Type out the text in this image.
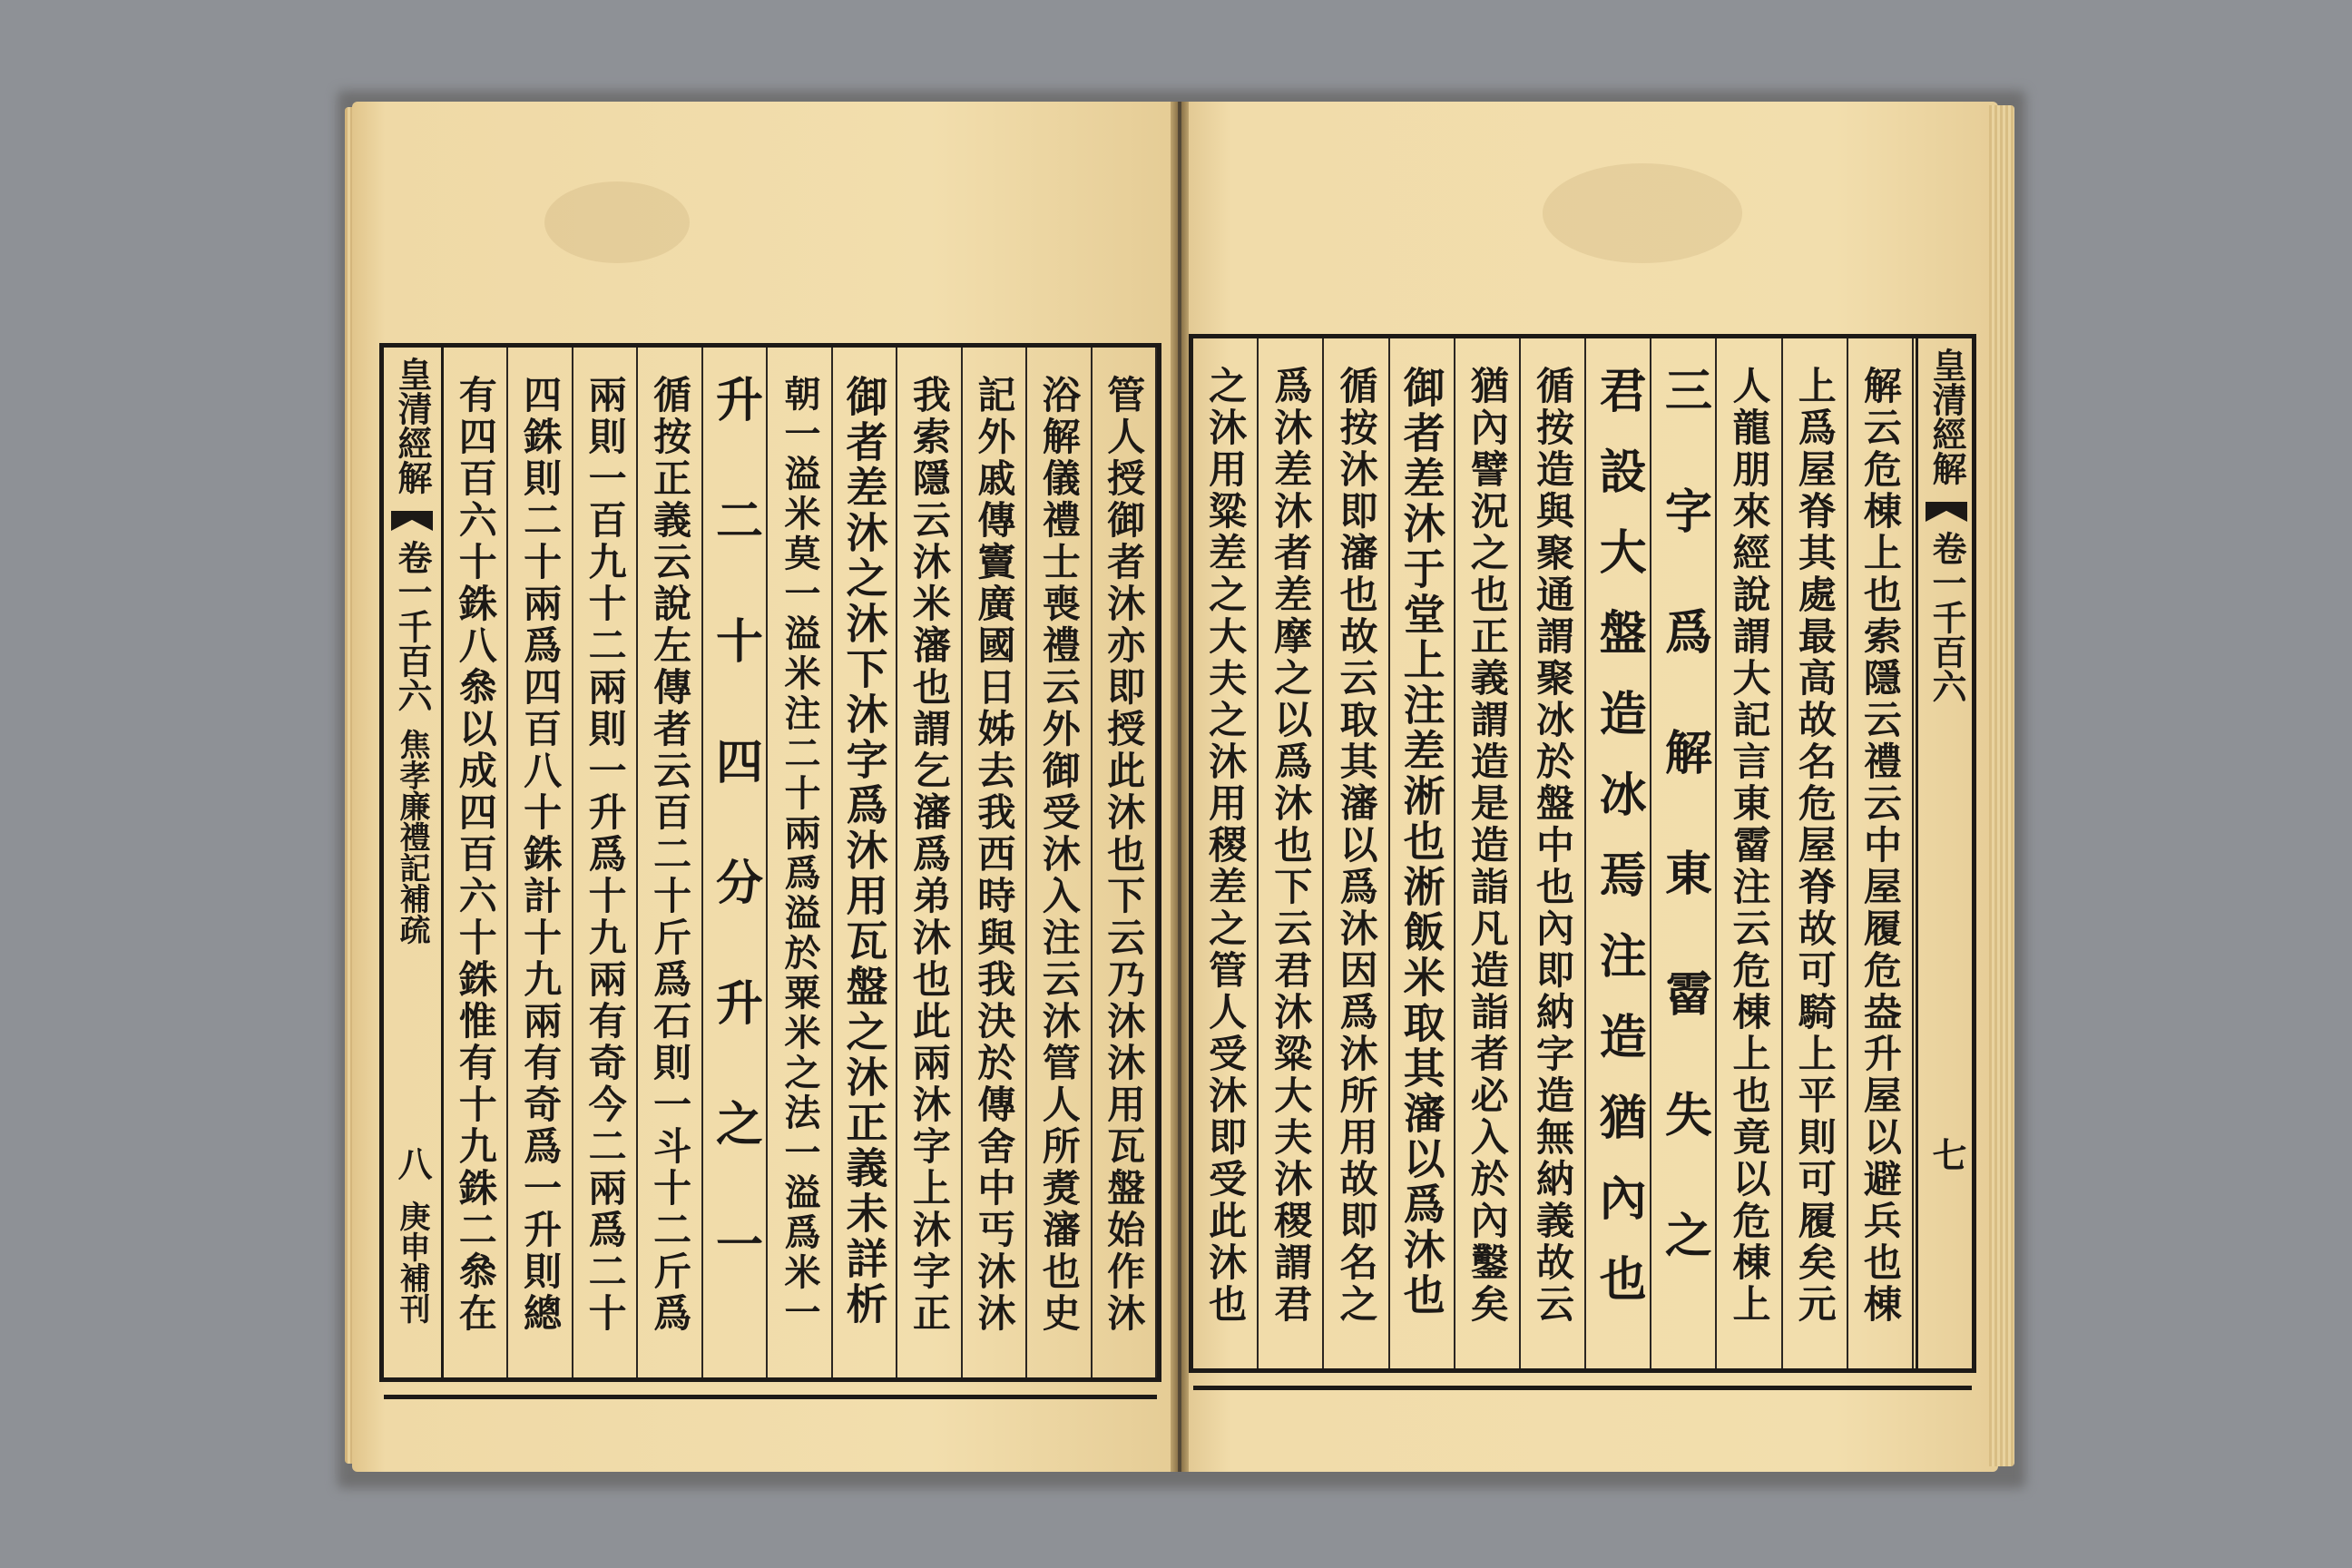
皇清經解
卷一千百六
焦孝廉禮記補疏
八
庚申補刊	管人授御者沐亦即授此沐也下云乃沐沐用瓦盤始作沐
浴解儀禮士喪禮云外御受沐入注云沐管人所煑瀋也史
記外戚傳竇廣國日姊去我西時與我決於傳舍中丐沐沐
我索隱云沐米瀋也謂乞瀋爲弟沐也此兩沐字上沐字正
御者差沐之沐下沐字爲沐用瓦盤之沐正義未詳析
朝一溢米莫一溢米注二十兩爲溢於粟米之法一溢爲米一
升二十四分升之一
循按正義云說左傳者云百二十斤爲石則一斗十二斤爲
兩則一百九十二兩則一升爲十九兩有奇今二兩爲二十
四銖則二十兩爲四百八十銖計十九兩有奇爲一升則總
有四百六十銖八叅以成四百六十銖惟有十九銖二叅在	解云危棟上也索隱云禮云中屋履危盎升屋以避兵也棟
上爲屋脊其處最高故名危屋脊故可騎上平則可履矣元
人龍朋來經說謂大記言東霤注云危棟上也竟以危棟上
三字爲解東霤失之
君設大盤造冰焉注造猶內也
循按造與聚通謂聚冰於盤中也內即納字造無納義故云
猶內譬況之也正義謂造是造詣凡造詣者必入於內鑿矣
御者差沐于堂上注差淅也淅飯米取其瀋以爲沐也
循按沐即瀋也故云取其瀋以爲沐因爲沐所用故即名之
爲沐差沐者差摩之以爲沐也下云君沐粱大夫沐稷謂君
之沐用粱差之大夫之沐用稷差之管人受沐即受此沐也	皇清經解
卷一千百六
七
